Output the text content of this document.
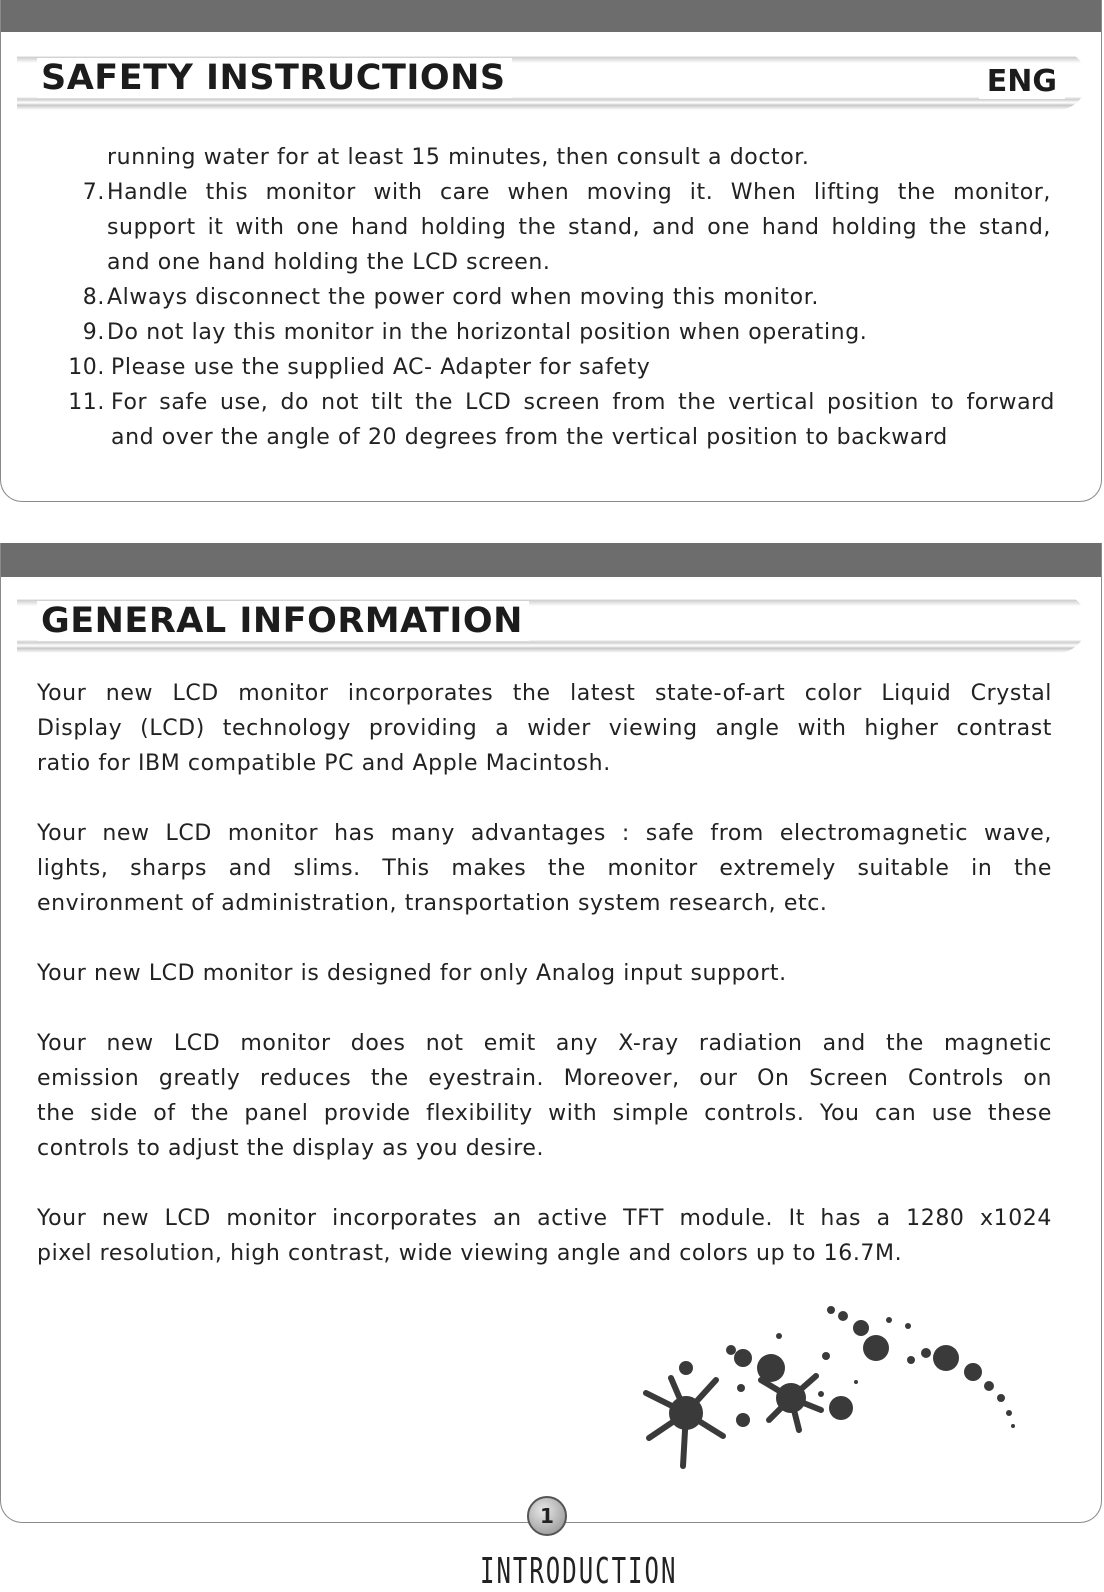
SAFETY INSTRUCTIONS	ENG
running water for at least 15 minutes, then consult a doctor.
7. Handle this monitor with care when moving it. When lifting the monitor,
support it with one hand holding the stand, and one hand holding the stand,
and one hand holding the LCD screen.
8. Always disconnect the power cord when moving this monitor.
9. Do not lay this monitor in the horizontal position when operating.
10. Please use the supplied AC- Adapter for safety
11. For safe use, do not tilt the LCD screen from the vertical position to forward
and over the angle of 20 degrees from the vertical position to backward
GENERAL INFORMATION
Your new LCD monitor incorporates the latest state-of-art color Liquid Crystal
Display (LCD) technology providing a wider viewing angle with higher contrast
ratio for IBM compatible PC and Apple Macintosh.
Your new LCD monitor has many advantages : safe from electromagnetic wave,
lights, sharps and slims. This makes the monitor extremely suitable in the
environment of administration, transportation system research, etc.
Your new LCD monitor is designed for only Analog input support.
Your new LCD monitor does not emit any X-ray radiation and the magnetic
emission greatly reduces the eyestrain. Moreover, our On Screen Controls on
the side of the panel provide flexibility with simple controls. You can use these
controls to adjust the display as you desire.
Your new LCD monitor incorporates an active TFT module. It has a 1280 x1024
pixel resolution, high contrast, wide viewing angle and colors up to 16.7M.
1
INTRODUCTION
